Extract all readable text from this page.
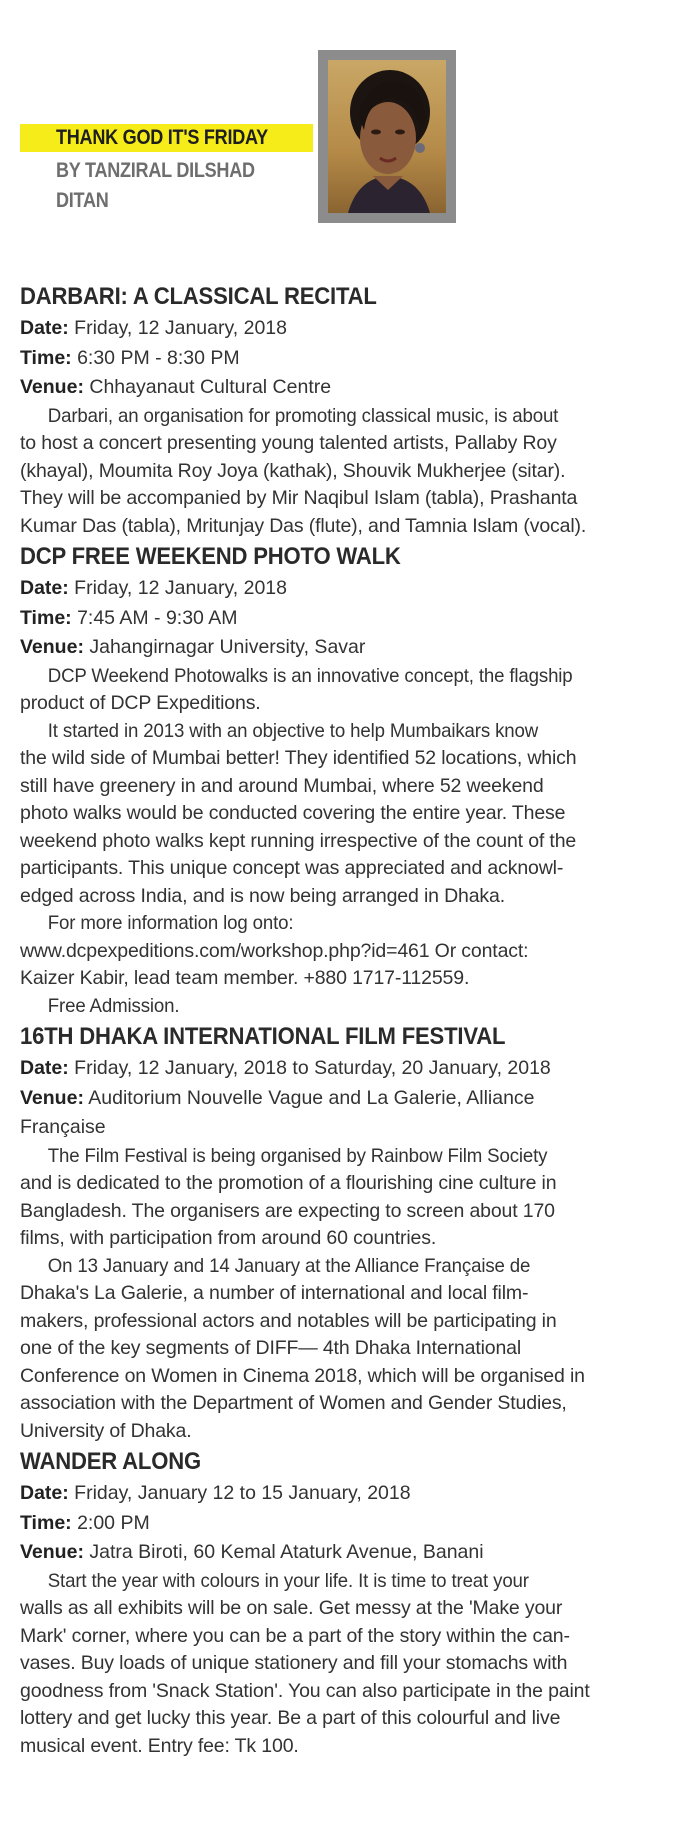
THANK GOD IT'S FRIDAY
BY TANZIRAL DILSHAD DITAN
DARBARI: A CLASSICAL RECITAL
Date: Friday, 12 January, 2018
Time: 6:30 PM - 8:30 PM
Venue: Chhayanaut Cultural Centre
Darbari, an organisation for promoting classical music, is about
to host a concert presenting young talented artists, Pallaby Roy
(khayal), Moumita Roy Joya (kathak), Shouvik Mukherjee (sitar).
They will be accompanied by Mir Naqibul Islam (tabla), Prashanta
Kumar Das (tabla), Mritunjay Das (flute), and Tamnia Islam (vocal).
DCP FREE WEEKEND PHOTO WALK
Date: Friday, 12 January, 2018
Time: 7:45 AM - 9:30 AM
Venue: Jahangirnagar University, Savar
DCP Weekend Photowalks is an innovative concept, the flagship
product of DCP Expeditions.
It started in 2013 with an objective to help Mumbaikars know
the wild side of Mumbai better! They identified 52 locations, which
still have greenery in and around Mumbai, where 52 weekend
photo walks would be conducted covering the entire year. These
weekend photo walks kept running irrespective of the count of the
participants. This unique concept was appreciated and acknowl-
edged across India, and is now being arranged in Dhaka.
For more information log onto:
www.dcpexpeditions.com/workshop.php?id=461 Or contact:
Kaizer Kabir, lead team member. +880 1717-112559.
Free Admission.
16TH DHAKA INTERNATIONAL FILM FESTIVAL
Date: Friday, 12 January, 2018 to Saturday, 20 January, 2018
Venue: Auditorium Nouvelle Vague and La Galerie, Alliance
Française
The Film Festival is being organised by Rainbow Film Society
and is dedicated to the promotion of a flourishing cine culture in
Bangladesh. The organisers are expecting to screen about 170
films, with participation from around 60 countries.
On 13 January and 14 January at the Alliance Française de
Dhaka's La Galerie, a number of international and local film-
makers, professional actors and notables will be participating in
one of the key segments of DIFF— 4th Dhaka International
Conference on Women in Cinema 2018, which will be organised in
association with the Department of Women and Gender Studies,
University of Dhaka.
WANDER ALONG
Date: Friday, January 12 to 15 January, 2018
Time: 2:00 PM
Venue: Jatra Biroti, 60 Kemal Ataturk Avenue, Banani
Start the year with colours in your life. It is time to treat your
walls as all exhibits will be on sale. Get messy at the 'Make your
Mark' corner, where you can be a part of the story within the can-
vases. Buy loads of unique stationery and fill your stomachs with
goodness from 'Snack Station'. You can also participate in the paint
lottery and get lucky this year. Be a part of this colourful and live
musical event. Entry fee: Tk 100.
